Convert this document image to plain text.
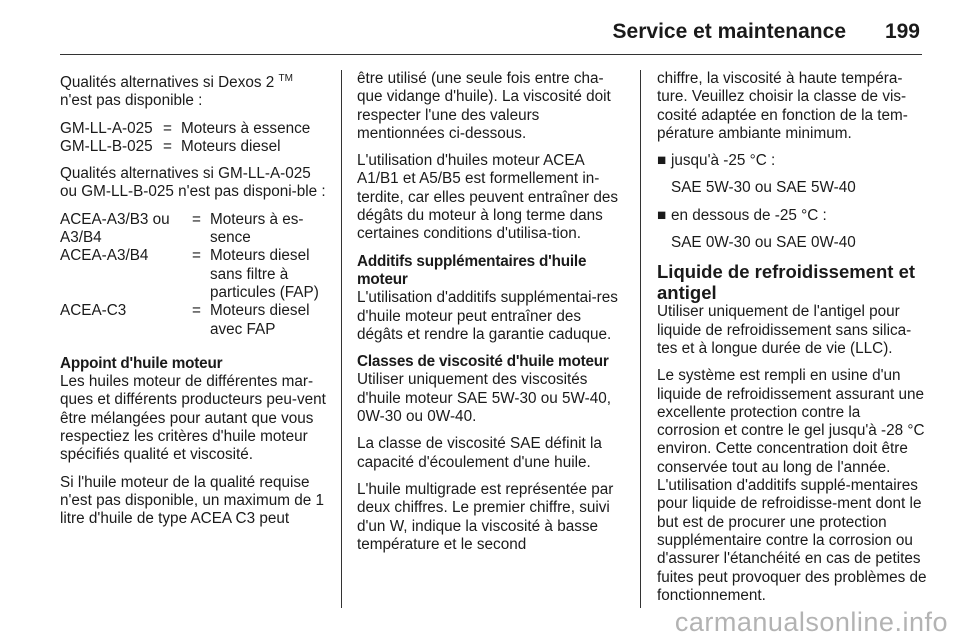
Service et maintenance 199

Qualités alternatives si Dexos 2 ™
n'est pas disponible :

GM-LL-A-025 = Moteurs à essence
GM-LL-B-025 = Moteurs diesel

Qualités alternatives si GM-LL-A-025 ou GM-LL-B-025 n'est pas disponi-ble :

ACEA-A3/B3 ou A3/B4
= Moteurs à es-sence
ACEA-A3/B4	= Moteurs diesel sans filtre à particules (FAP)
ACEA-C3	= Moteurs diesel avec FAP
Appoint d'huile moteur

Les huiles moteur de différentes mar-ques et différents producteurs peu-vent être mélangées pour autant que vous respectiez les critères d'huile moteur spécifiés qualité et viscosité.

Si l'huile moteur de la qualité requise n'est pas disponible, un maximum de 1 litre d'huile de type ACEA C3 peut

être utilisé (une seule fois entre cha-que vidange d'huile). La viscosité doit respecter l'une des valeurs mentionnées ci-dessous.

L'utilisation d'huiles moteur ACEA A1/B1 et A5/B5 est formellement in-terdite, car elles peuvent entraîner des dégâts du moteur à long terme dans certaines conditions d'utilisa-tion.

Additifs supplémentaires d'huile moteur

L'utilisation d'additifs supplémentai-res d'huile moteur peut entraîner des dégâts et rendre la garantie caduque.

Classes de viscosité d'huile moteur

Utiliser uniquement des viscosités d'huile moteur SAE 5W-30 ou 5W-40, 0W-30 ou 0W-40.

La classe de viscosité SAE définit la capacité d'écoulement d'une huile.

L'huile multigrade est représentée par deux chiffres. Le premier chiffre, suivi d'un W, indique la viscosité à basse température et le second

chiffre, la viscosité à haute tempéra-ture. Veuillez choisir la classe de vis-cosité adaptée en fonction de la tem-pérature ambiante minimum.

■ jusqu'à -25 °C :
SAE 5W-30 ou SAE 5W-40
■ en dessous de -25 °C :
SAE 0W-30 ou SAE 0W-40
Liquide de refroidissement et antigel

Utiliser uniquement de l'antigel pour liquide de refroidissement sans silica-tes et à longue durée de vie (LLC).

Le système est rempli en usine d'un liquide de refroidissement assurant une excellente protection contre la corrosion et contre le gel jusqu'à -28 °C environ. Cette concentration doit être conservée tout au long de l'année. L'utilisation d'additifs supplé-mentaires pour liquide de refroidisse-ment dont le but est de procurer une protection supplémentaire contre la corrosion ou d'assurer l'étanchéité en cas de petites fuites peut provoquer des problèmes de fonctionnement.

carmanualsonline.info
